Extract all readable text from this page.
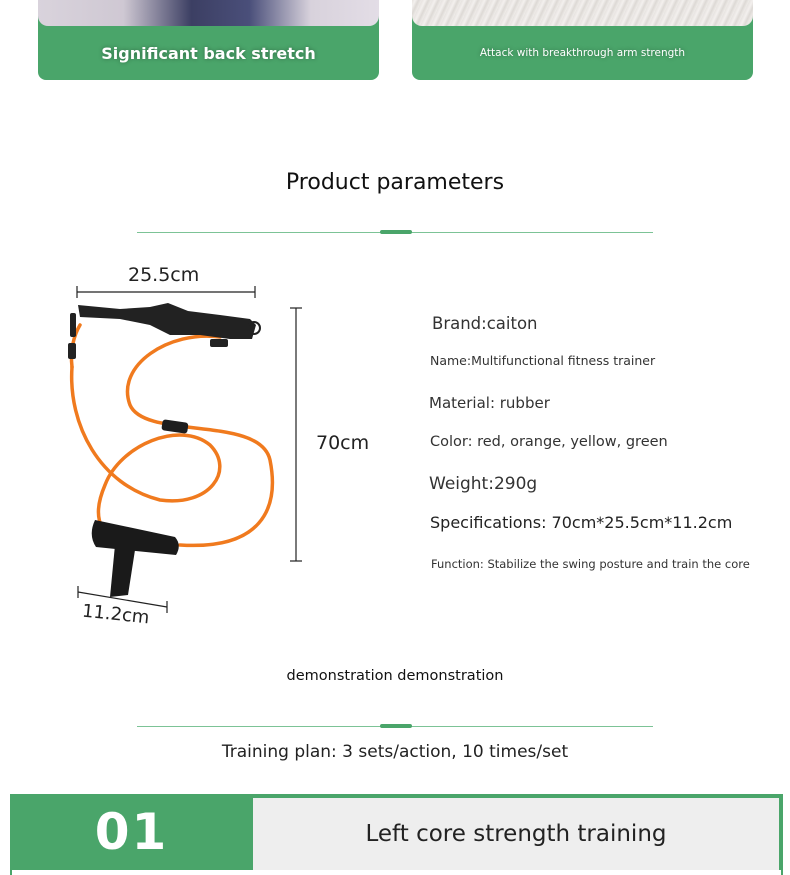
Significant back stretch	Attack with breakthrough arm strength
Product parameters
25.5cm
70cm
11.2cm
Brand:caiton
Name:Multifunctional fitness trainer
Material: rubber
Color: red, orange, yellow, green
Weight:290g
Specifications: 70cm*25.5cm*11.2cm
Function: Stabilize the swing posture and train the core
demonstration demonstration
Training plan: 3 sets/action, 10 times/set
01	Left core strength training
